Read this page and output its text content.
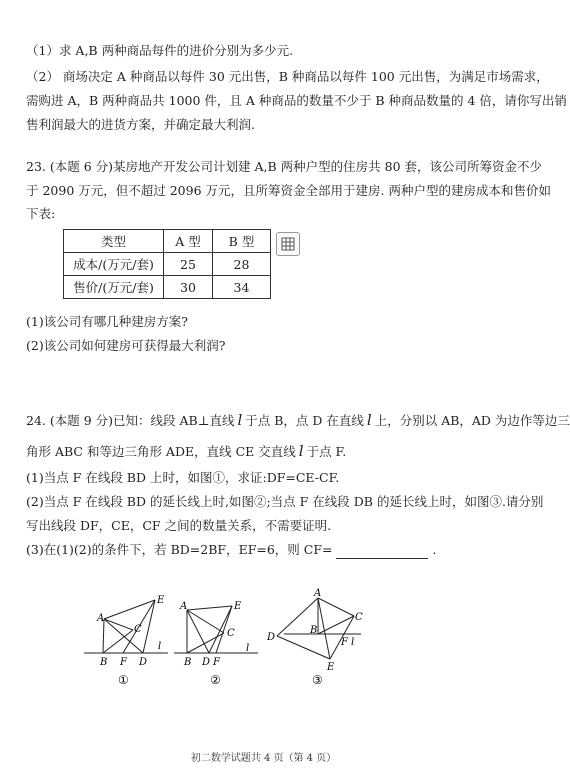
（1）求 A,B 两种商品每件的进价分别为多少元.
（2） 商场决定 A 种商品以每件 30 元出售，B 种商品以每件 100 元出售，为满足市场需求，
需购进 A，B 两种商品共 1000 件，且 A 种商品的数量不少于 B 种商品数量的 4 倍，请你写出销
售利润最大的进货方案，并确定最大利润.
23. (本题 6 分)某房地产开发公司计划建 A,B 两种户型的住房共 80 套，该公司所筹资金不少
于 2090 万元，但不超过 2096 万元，且所筹资金全部用于建房. 两种户型的建房成本和售价如
下表:
类型	A 型	B 型
成本/(万元/套)	25	28
售价/(万元/套)	30	34
(1)该公司有哪几种建房方案?
(2)该公司如何建房可获得最大利润?
24. (本题 9 分)已知：线段 AB⊥直线 l 于点 B，点 D 在直线 l 上，分别以 AB，AD 为边作等边三
角形 ABC 和等边三角形 ADE，直线 CE 交直线 l 于点 F.
(1)当点 F 在线段 BD 上时，如图①，求证:DF=CE-CF.
(2)当点 F 在线段 BD 的延长线上时,如图②;当点 F 在线段 DB 的延长线上时，如图③.请分别
写出线段 DF，CE，CF 之间的数量关系，不需要证明.
(3)在(1)(2)的条件下，若 BD=2BF，EF=6，则 CF=	.
E
A
C
B F D
l
①
E
A
C
B D F
l
②
A
C
D
B
F l
E
③
初二数学试题共 4 页（第 4 页）
